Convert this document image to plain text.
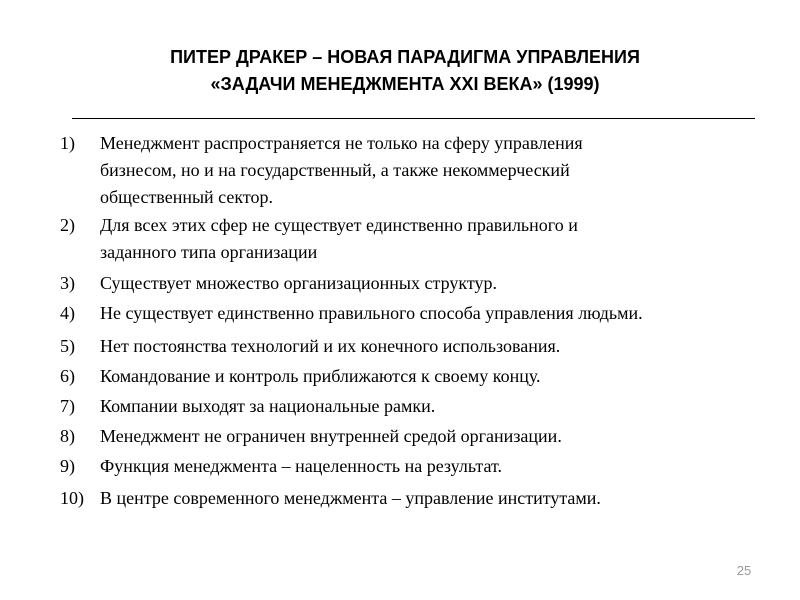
ПИТЕР ДРАКЕР – НОВАЯ ПАРАДИГМА УПРАВЛЕНИЯ
«ЗАДАЧИ МЕНЕДЖМЕНТА XXI ВЕКА» (1999)
1) Менеджмент распространяется не только на сферу управления
бизнесом, но и на государственный, а также некоммерческий
общественный сектор.
2) Для всех этих сфер не существует единственно правильного и
заданного типа организации
3) Существует множество организационных структур.
4) Не существует единственно правильного способа управления людьми.
5) Нет постоянства технологий и их конечного использования.
6) Командование и контроль приближаются к своему концу.
7) Компании выходят за национальные рамки.
8) Менеджмент не ограничен внутренней средой организации.
9) Функция менеджмента – нацеленность на результат.
10) В центре современного менеджмента – управление институтами.
25
